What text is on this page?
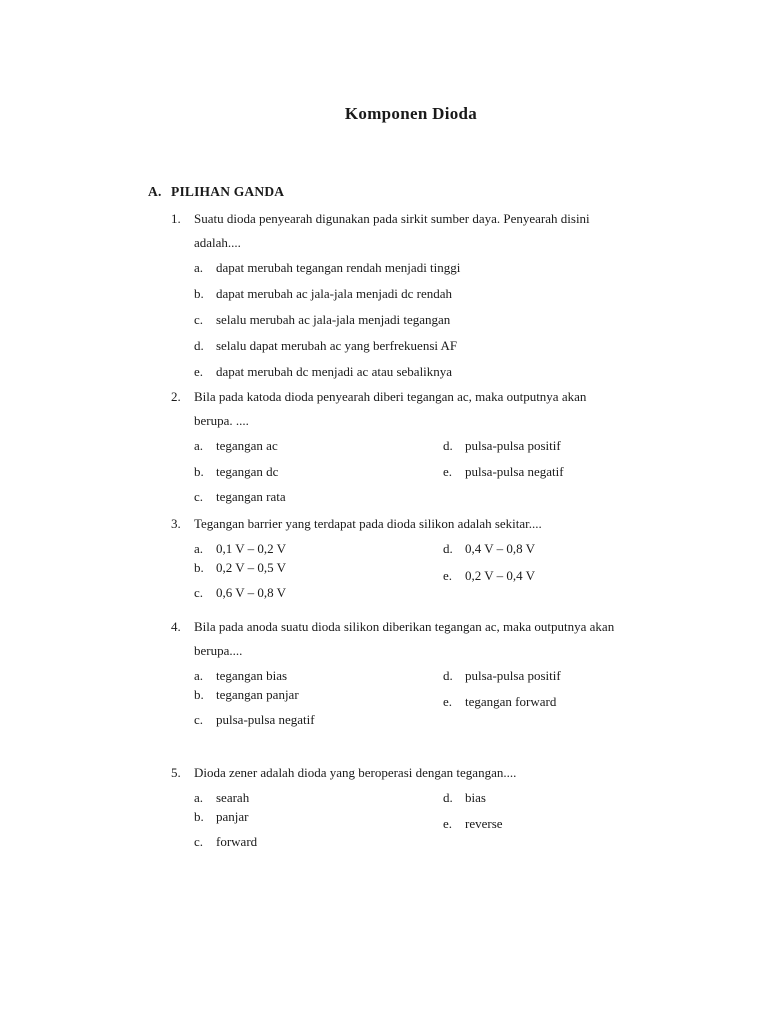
Komponen Dioda
A. PILIHAN GANDA
1.	Suatu dioda penyearah digunakan pada sirkit sumber daya. Penyearah disini
adalah....
a. dapat merubah tegangan rendah menjadi tinggi
b. dapat merubah ac jala-jala menjadi dc rendah
c. selalu merubah ac jala-jala menjadi tegangan
d. selalu dapat merubah ac yang berfrekuensi AF
e. dapat merubah dc menjadi ac atau sebaliknya
2.	Bila pada katoda dioda penyearah diberi tegangan ac, maka outputnya akan
berupa. ....
a. tegangan ac
b. tegangan dc
c. tegangan rata
d. pulsa-pulsa positif
e. pulsa-pulsa negatif
3.	Tegangan barrier yang terdapat pada dioda silikon adalah sekitar....
a. 0,1 V – 0,2 V
b. 0,2 V – 0,5 V
c. 0,6 V – 0,8 V
d. 0,4 V – 0,8 V
e. 0,2 V – 0,4 V
4.	Bila pada anoda suatu dioda silikon diberikan tegangan ac, maka outputnya akan
berupa....
a. tegangan bias
b. tegangan panjar
c. pulsa-pulsa negatif
d. pulsa-pulsa positif
e. tegangan forward
5.	Dioda zener adalah dioda yang beroperasi dengan tegangan....
a. searah
b. panjar
c. forward
d. bias
e. reverse
